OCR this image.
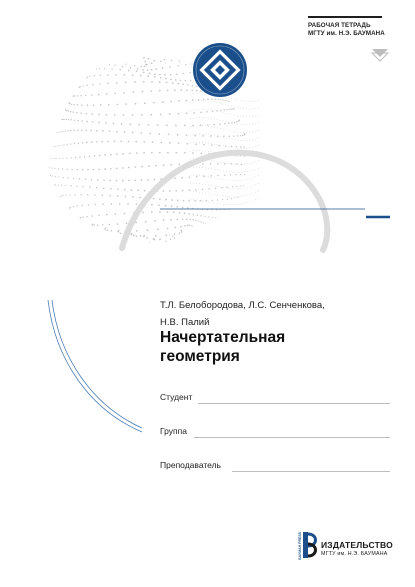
РАБОЧАЯ ТЕТРАДЬ
МГТУ им. Н.Э. БАУМАНА
Т.Л. Белобородова, Л.С. Сенченкова,
Н.В. Палий
Начертательная
геометрия
Студент
Группа
Преподаватель
БАУМАН PRESS ИЗДАТЕЛЬСТВО
МГТУ им. Н.Э. БАУМАНА
